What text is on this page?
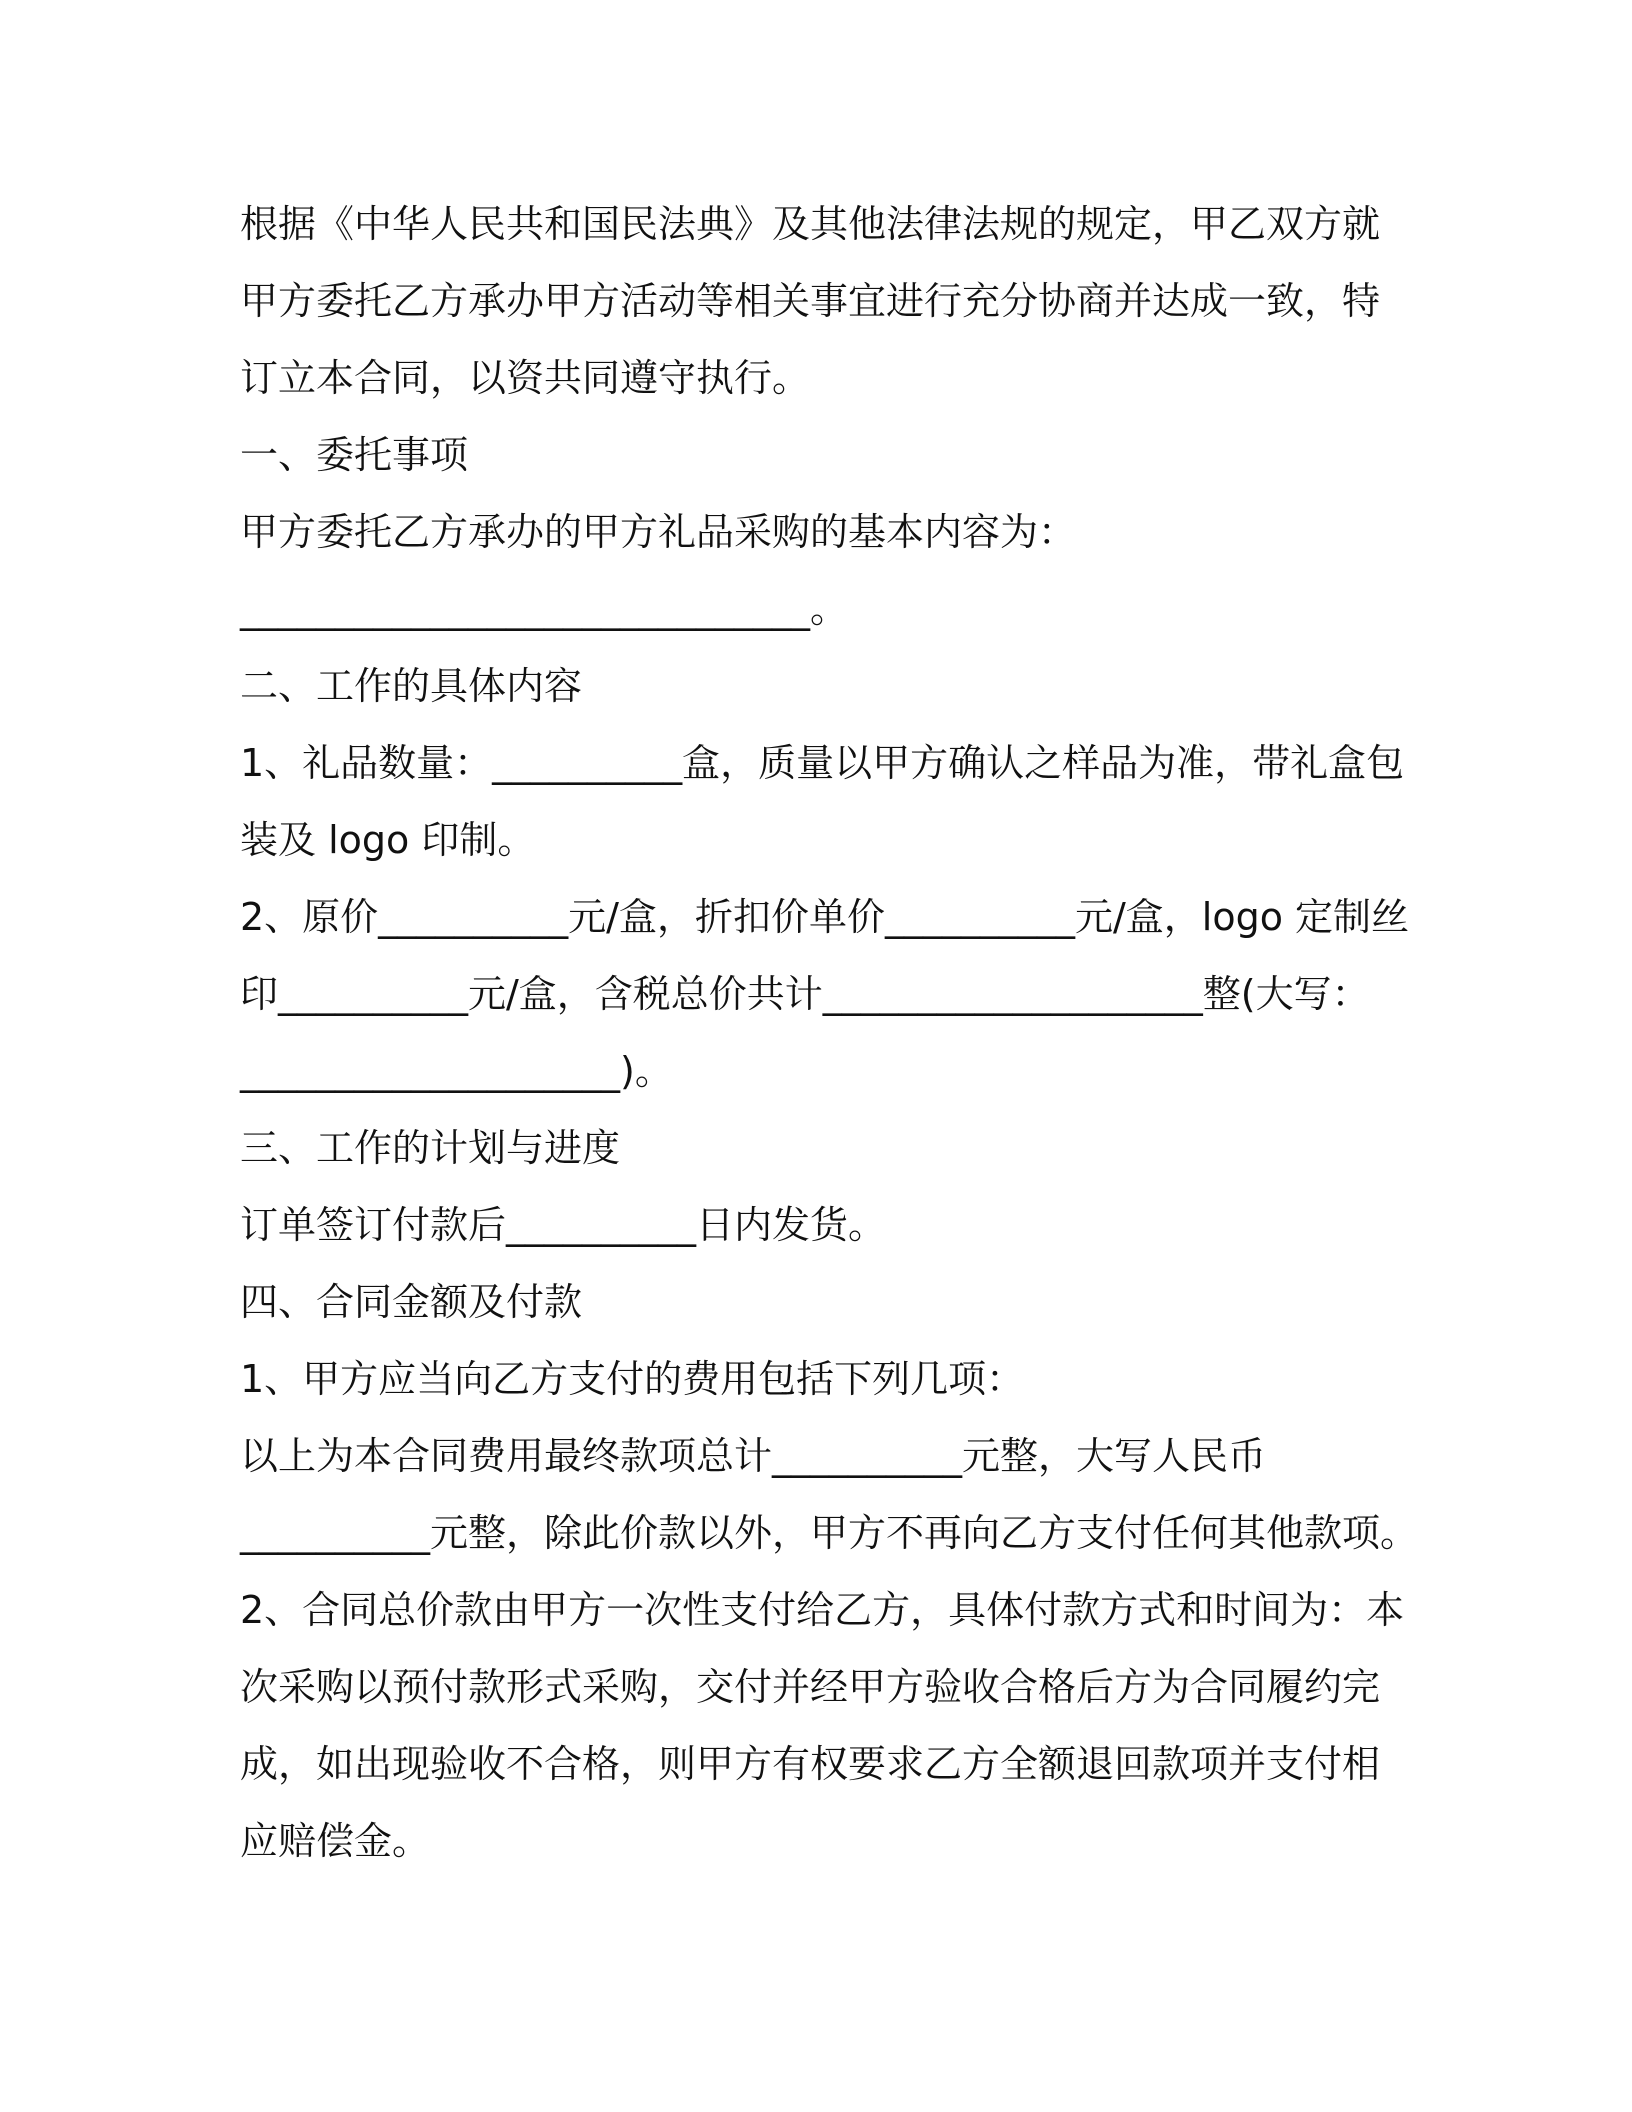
根据《中华人民共和国民法典》及其他法律法规的规定，甲乙双方就
甲方委托乙方承办甲方活动等相关事宜进行充分协商并达成一致，特
订立本合同，以资共同遵守执行。
一、委托事项
甲方委托乙方承办的甲方礼品采购的基本内容为：
______________________________。
二、工作的具体内容
1、礼品数量：__________盒，质量以甲方确认之样品为准，带礼盒包
装及 logo 印制。
2、原价__________元/盒，折扣价单价__________元/盒，logo 定制丝
印__________元/盒，含税总价共计____________________整(大写：
____________________)。
三、工作的计划与进度
订单签订付款后__________日内发货。
四、合同金额及付款
1、甲方应当向乙方支付的费用包括下列几项：
以上为本合同费用最终款项总计__________元整，大写人民币
__________元整，除此价款以外，甲方不再向乙方支付任何其他款项。
2、合同总价款由甲方一次性支付给乙方，具体付款方式和时间为：本
次采购以预付款形式采购，交付并经甲方验收合格后方为合同履约完
成，如出现验收不合格，则甲方有权要求乙方全额退回款项并支付相
应赔偿金。
